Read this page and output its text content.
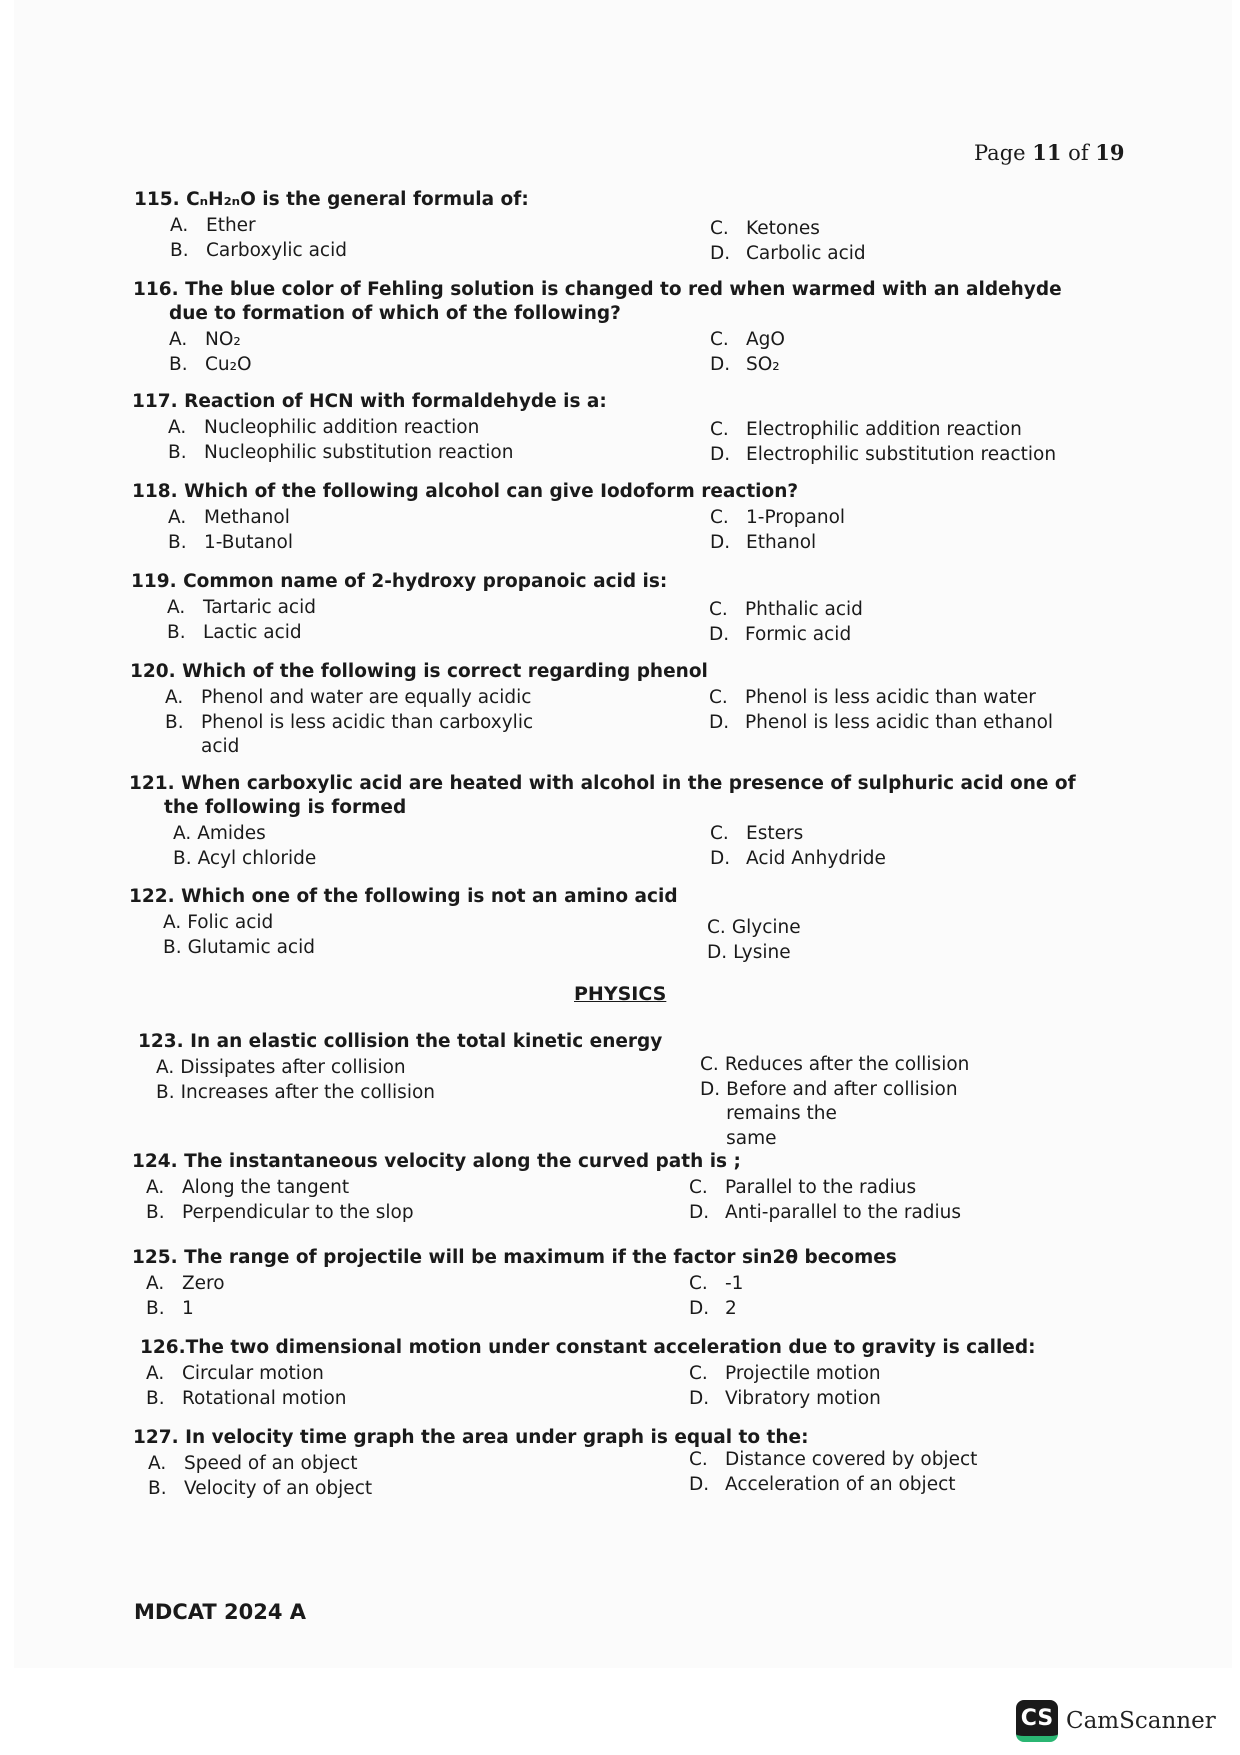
Page 11 of 19
115. CₙH₂ₙO is the general formula of:
A. Ether
B. Carboxylic acid
C. Ketones
D. Carbolic acid
116. The blue color of Fehling solution is changed to red when warmed with an aldehyde
due to formation of which of the following?
A. NO₂
B. Cu₂O
C. AgO
D. SO₂
117. Reaction of HCN with formaldehyde is a:
A. Nucleophilic addition reaction
B. Nucleophilic substitution reaction
C. Electrophilic addition reaction
D. Electrophilic substitution reaction
118. Which of the following alcohol can give Iodoform reaction?
A. Methanol
B. 1-Butanol
C. 1-Propanol
D. Ethanol
119. Common name of 2-hydroxy propanoic acid is:
A. Tartaric acid
B. Lactic acid
C. Phthalic acid
D. Formic acid
120. Which of the following is correct regarding phenol
A. Phenol and water are equally acidic
B. Phenol is less acidic than carboxylic
acid
C. Phenol is less acidic than water
D. Phenol is less acidic than ethanol
121. When carboxylic acid are heated with alcohol in the presence of sulphuric acid one of
the following is formed
A. Amides
B. Acyl chloride
C. Esters
D. Acid Anhydride
122. Which one of the following is not an amino acid
A. Folic acid
B. Glutamic acid
C. Glycine
D. Lysine
PHYSICS
123. In an elastic collision the total kinetic energy
A. Dissipates after collision
B. Increases after the collision
C. Reduces after the collision
D. Before and after collision remains the
same
124. The instantaneous velocity along the curved path is ;
A. Along the tangent
B. Perpendicular to the slop
C. Parallel to the radius
D. Anti-parallel to the radius
125. The range of projectile will be maximum if the factor sin2θ becomes
A. Zero
B. 1
C. -1
D. 2
126.The two dimensional motion under constant acceleration due to gravity is called:
A. Circular motion
B. Rotational motion
C. Projectile motion
D. Vibratory motion
127. In velocity time graph the area under graph is equal to the:
A. Speed of an object
B. Velocity of an object
C. Distance covered by object
D. Acceleration of an object
MDCAT 2024 A
CS CamScanner
